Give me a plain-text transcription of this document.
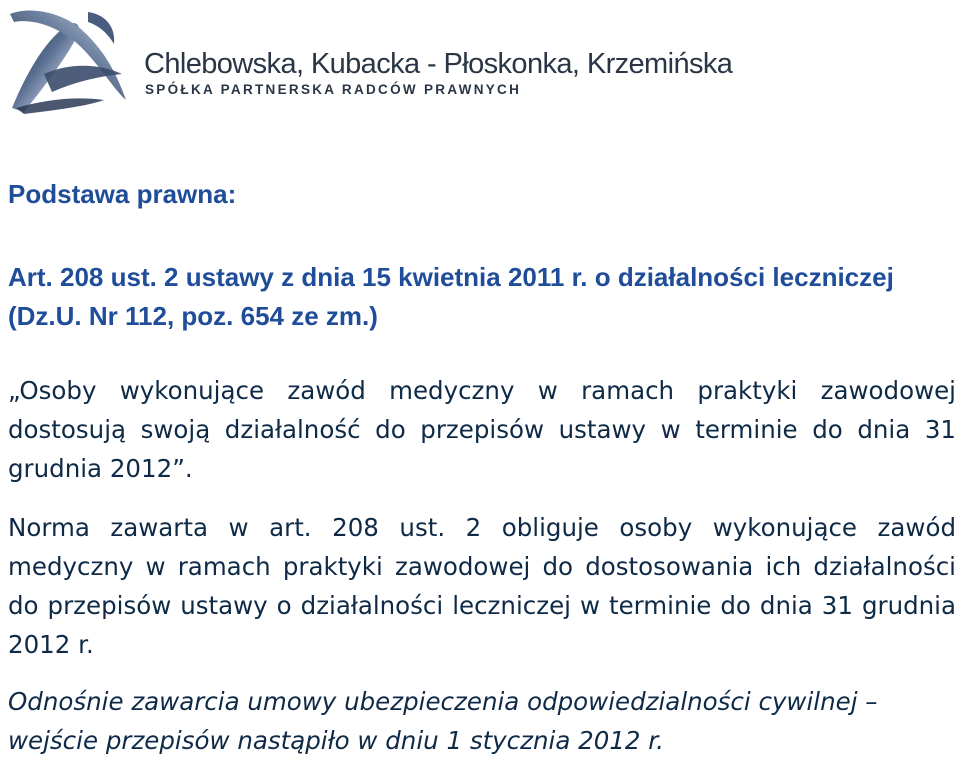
Chlebowska, Kubacka - Płoskonka, Krzemińska
SPÓŁKA PARTNERSKA RADCÓW PRAWNYCH
Podstawa prawna:

Art. 208 ust. 2 ustawy z dnia 15 kwietnia 2011 r. o działalności leczniczej (Dz.U. Nr 112, poz. 654 ze zm.)

„Osoby wykonujące zawód medyczny w ramach praktyki zawodowej dostosują swoją działalność do przepisów ustawy w terminie do dnia 31 grudnia 2012”.

Norma zawarta w art. 208 ust. 2 obliguje osoby wykonujące zawód medyczny w ramach praktyki zawodowej do dostosowania ich działalności do przepisów ustawy o działalności leczniczej w terminie do dnia 31 grudnia 2012 r.

Odnośnie zawarcia umowy ubezpieczenia odpowiedzialności cywilnej – wejście przepisów nastąpiło w dniu 1 stycznia 2012 r.
